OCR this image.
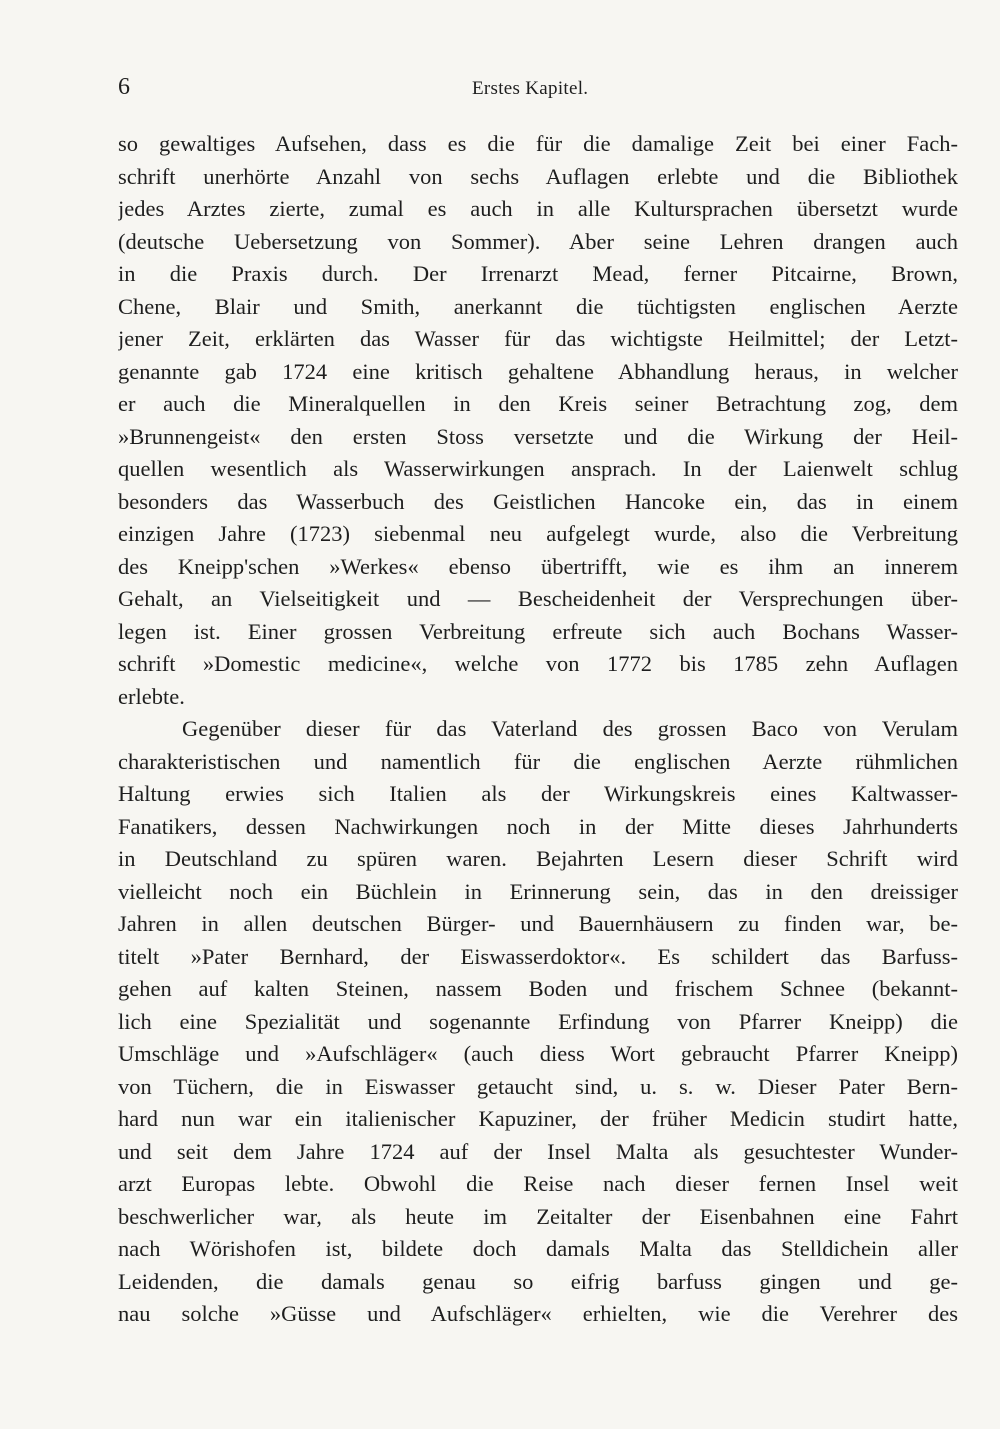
6	Erstes Kapitel.
so gewaltiges Aufsehen, dass es die für die damalige Zeit bei einer Fach-
schrift unerhörte Anzahl von sechs Auflagen erlebte und die Bibliothek
jedes Arztes zierte, zumal es auch in alle Kultursprachen übersetzt wurde
(deutsche Uebersetzung von Sommer). Aber seine Lehren drangen auch
in die Praxis durch. Der Irrenarzt Mead, ferner Pitcairne, Brown,
Chene, Blair und Smith, anerkannt die tüchtigsten englischen Aerzte
jener Zeit, erklärten das Wasser für das wichtigste Heilmittel; der Letzt-
genannte gab 1724 eine kritisch gehaltene Abhandlung heraus, in welcher
er auch die Mineralquellen in den Kreis seiner Betrachtung zog, dem
»Brunnengeist« den ersten Stoss versetzte und die Wirkung der Heil-
quellen wesentlich als Wasserwirkungen ansprach. In der Laienwelt schlug
besonders das Wasserbuch des Geistlichen Hancoke ein, das in einem
einzigen Jahre (1723) siebenmal neu aufgelegt wurde, also die Verbreitung
des Kneipp'schen »Werkes« ebenso übertrifft, wie es ihm an innerem
Gehalt, an Vielseitigkeit und — Bescheidenheit der Versprechungen über-
legen ist. Einer grossen Verbreitung erfreute sich auch Bochans Wasser-
schrift »Domestic medicine«, welche von 1772 bis 1785 zehn Auflagen
erlebte.
Gegenüber dieser für das Vaterland des grossen Baco von Verulam
charakteristischen und namentlich für die englischen Aerzte rühmlichen
Haltung erwies sich Italien als der Wirkungskreis eines Kaltwasser-
Fanatikers, dessen Nachwirkungen noch in der Mitte dieses Jahrhunderts
in Deutschland zu spüren waren. Bejahrten Lesern dieser Schrift wird
vielleicht noch ein Büchlein in Erinnerung sein, das in den dreissiger
Jahren in allen deutschen Bürger- und Bauernhäusern zu finden war, be-
titelt »Pater Bernhard, der Eiswasserdoktor«. Es schildert das Barfuss-
gehen auf kalten Steinen, nassem Boden und frischem Schnee (bekannt-
lich eine Spezialität und sogenannte Erfindung von Pfarrer Kneipp) die
Umschläge und »Aufschläger« (auch diess Wort gebraucht Pfarrer Kneipp)
von Tüchern, die in Eiswasser getaucht sind, u. s. w. Dieser Pater Bern-
hard nun war ein italienischer Kapuziner, der früher Medicin studirt hatte,
und seit dem Jahre 1724 auf der Insel Malta als gesuchtester Wunder-
arzt Europas lebte. Obwohl die Reise nach dieser fernen Insel weit
beschwerlicher war, als heute im Zeitalter der Eisenbahnen eine Fahrt
nach Wörishofen ist, bildete doch damals Malta das Stelldichein aller
Leidenden, die damals genau so eifrig barfuss gingen und ge-
nau solche »Güsse und Aufschläger« erhielten, wie die Verehrer des
